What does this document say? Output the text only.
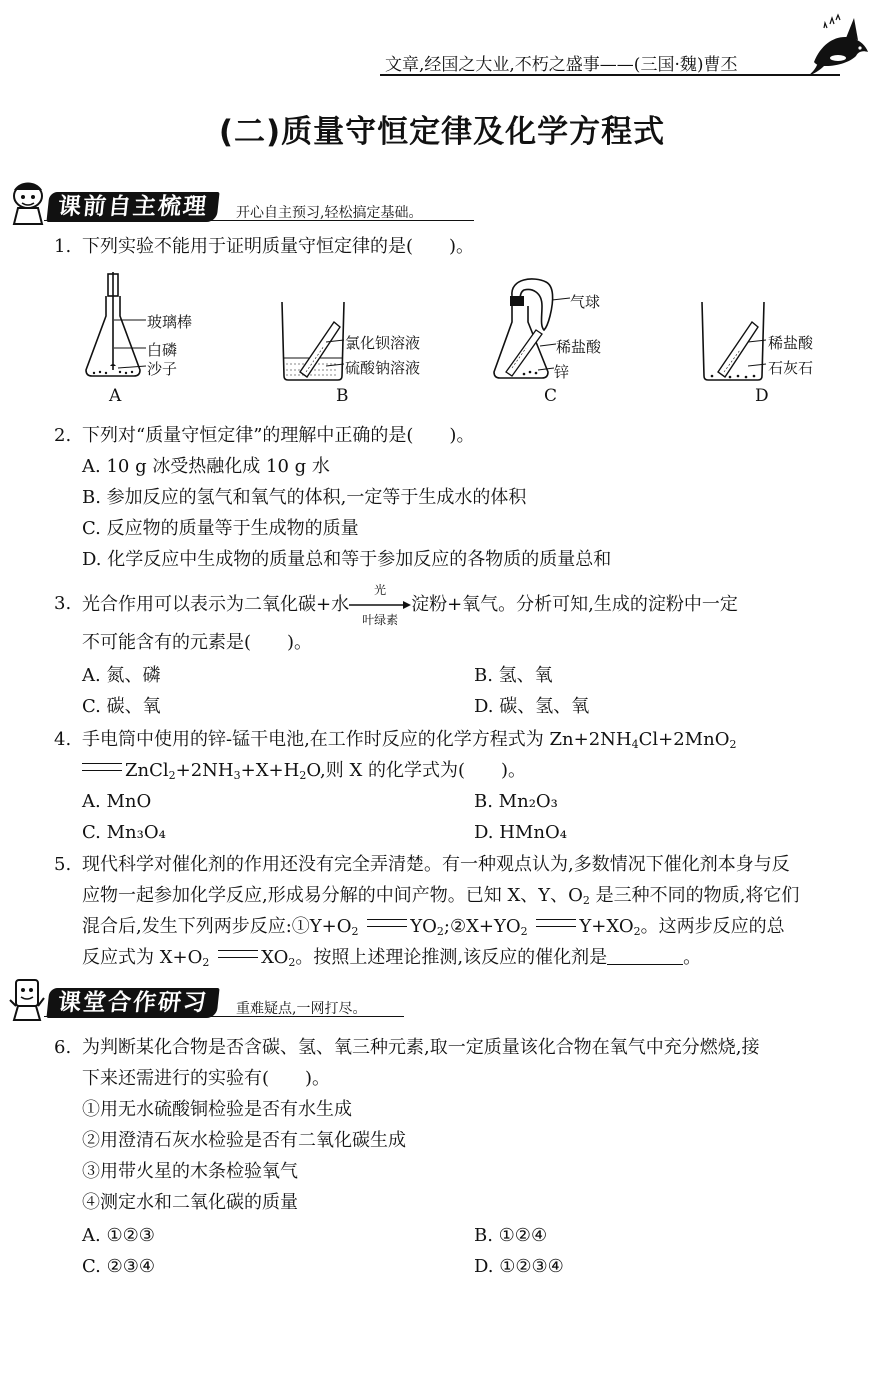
文章,经国之大业,不朽之盛事——(三国·魏)曹丕
(二)质量守恒定律及化学方程式
课前自主梳理	开心自主预习,轻松搞定基础。
1. 下列实验不能用于证明质量守恒定律的是(　　)。
玻璃棒
白磷
沙子
A
氯化钡溶液
硫酸钠溶液
B
气球
稀盐酸
锌
C
稀盐酸
石灰石
D
2. 下列对“质量守恒定律”的理解中正确的是(　　)。
A. 10 g 冰受热融化成 10 g 水
B. 参加反应的氢气和氧气的体积,一定等于生成水的体积
C. 反应物的质量等于生成物的质量
D. 化学反应中生成物的质量总和等于参加反应的各物质的质量总和
3. 光合作用可以表示为二氧化碳+水
光
叶绿素
淀粉+氧气。分析可知,生成的淀粉中一定
不可能含有的元素是(　　)。
A. 氮、磷	B. 氢、氧
C. 碳、氧	D. 碳、氢、氧
4. 手电筒中使用的锌-锰干电池,在工作时反应的化学方程式为 $Zn+2NH_4Cl+2MnO_2$
$ZnCl_2+2NH_3+X+H_2O$,则 X 的化学式为(　　)。
A. MnO	B. Mn₂O₃
C. Mn₃O₄	D. HMnO₄
5. 现代科学对催化剂的作用还没有完全弄清楚。有一种观点认为,多数情况下催化剂本身与反
应物一起参加化学反应,形成易分解的中间产物。已知 X、Y、$O_2$ 是三种不同的物质,将它们
混合后,发生下列两步反应$:①Y+O_2$	$YO_2;②X+YO_2$	$Y+XO_2$。这两步反应的总
反应式为 $X+O_2$	$XO_2$。按照上述理论推测,该反应的催化剂是	。
课堂合作研习	重难疑点,一网打尽。
6. 为判断某化合物是否含碳、氢、氧三种元素,取一定质量该化合物在氧气中充分燃烧,接
下来还需进行的实验有(　　)。
①用无水硫酸铜检验是否有水生成
②用澄清石灰水检验是否有二氧化碳生成
③用带火星的木条检验氧气
④测定水和二氧化碳的质量
A. ①②③	B. ①②④
C. ②③④	D. ①②③④
